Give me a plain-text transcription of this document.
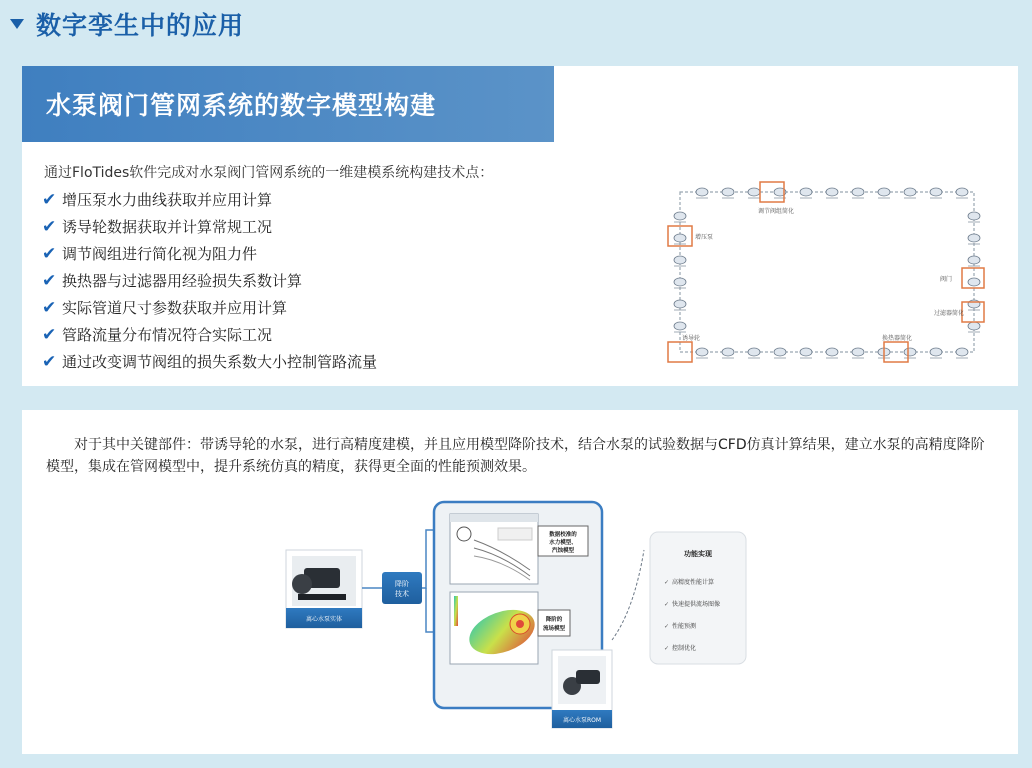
数字孪生中的应用
水泵阀门管网系统的数字模型构建
通过FloTides软件完成对水泵阀门管网系统的一维建模系统构建技术点：
✔ 增压泵水力曲线获取并应用计算
✔ 诱导轮数据获取并计算常规工况
✔ 调节阀组进行简化视为阻力件
✔ 换热器与过滤器用经验损失系数计算
✔ 实际管道尺寸参数获取并应用计算
✔ 管路流量分布情况符合实际工况
✔ 通过改变调节阀组的损失系数大小控制管路流量
调节阀组简化
增压泵
阀门
过滤器简化
换热器简化
诱导轮

对于其中关键部件：带诱导轮的水泵，进行高精度建模，并且应用模型降阶技术，结合水泵的试验数据与CFD仿真计算结果，建立水泵的高精度降阶模型，集成在管网模型中，提升系统仿真的精度，获得更全面的性能预测效果。

离心水泵实体
降阶
技术
数据校准的
水力模型、
汽蚀模型
降阶的
流场模型
离心水泵ROM
功能实现
✓ 高精度性能计算
✓ 快速提供流场图像
✓ 性能预测
✓ 控制优化
